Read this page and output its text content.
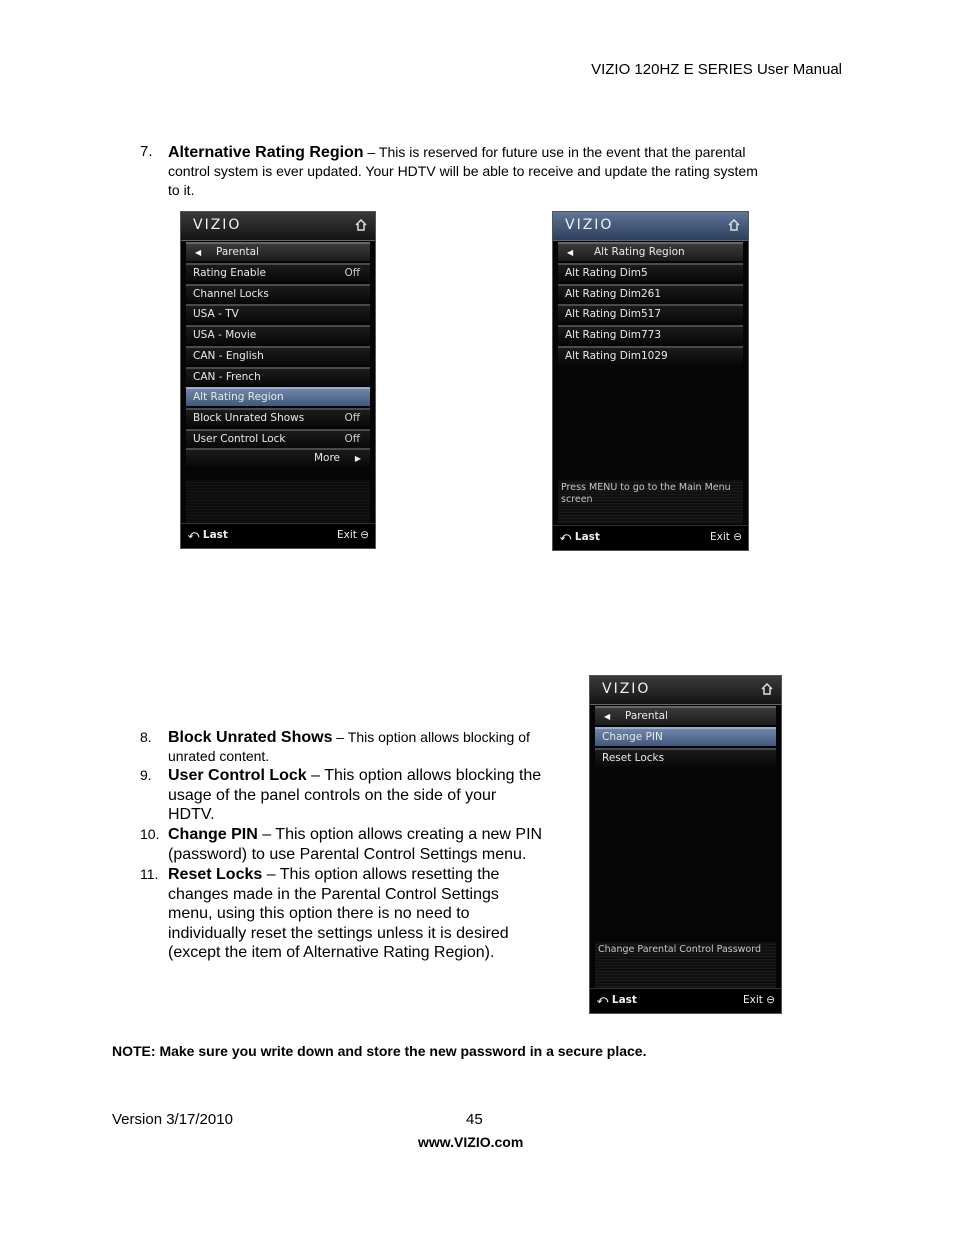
VIZIO 120HZ E SERIES User Manual
7. Alternative Rating Region – This is reserved for future use in the event that the parental
control system is ever updated. Your HDTV will be able to receive and update the rating system
to it.
VIZIO
◀ Parental
Rating Enable	Off
Channel Locks
USA - TV
USA - Movie
CAN - English
CAN - French
Alt Rating Region
Block Unrated Shows	Off
User Control Lock	Off
More ▶
⤺ Last	Exit ⊖
VIZIO
◀ Alt Rating Region
Alt Rating Dim5
Alt Rating Dim261
Alt Rating Dim517
Alt Rating Dim773
Alt Rating Dim1029
Press MENU to go to the Main Menu
screen
⤺ Last	Exit ⊖
8. Block Unrated Shows – This option allows blocking of
unrated content.
9. User Control Lock – This option allows blocking the
usage of the panel controls on the side of your
HDTV.
10. Change PIN – This option allows creating a new PIN
(password) to use Parental Control Settings menu.
11. Reset Locks – This option allows resetting the
changes made in the Parental Control Settings
menu, using this option there is no need to
individually reset the settings unless it is desired
(except the item of Alternative Rating Region).
VIZIO
◀ Parental
Change PIN
Reset Locks
Change Parental Control Password
⤺ Last	Exit ⊖
NOTE: Make sure you write down and store the new password in a secure place.
Version 3/17/2010	45
www.VIZIO.com
